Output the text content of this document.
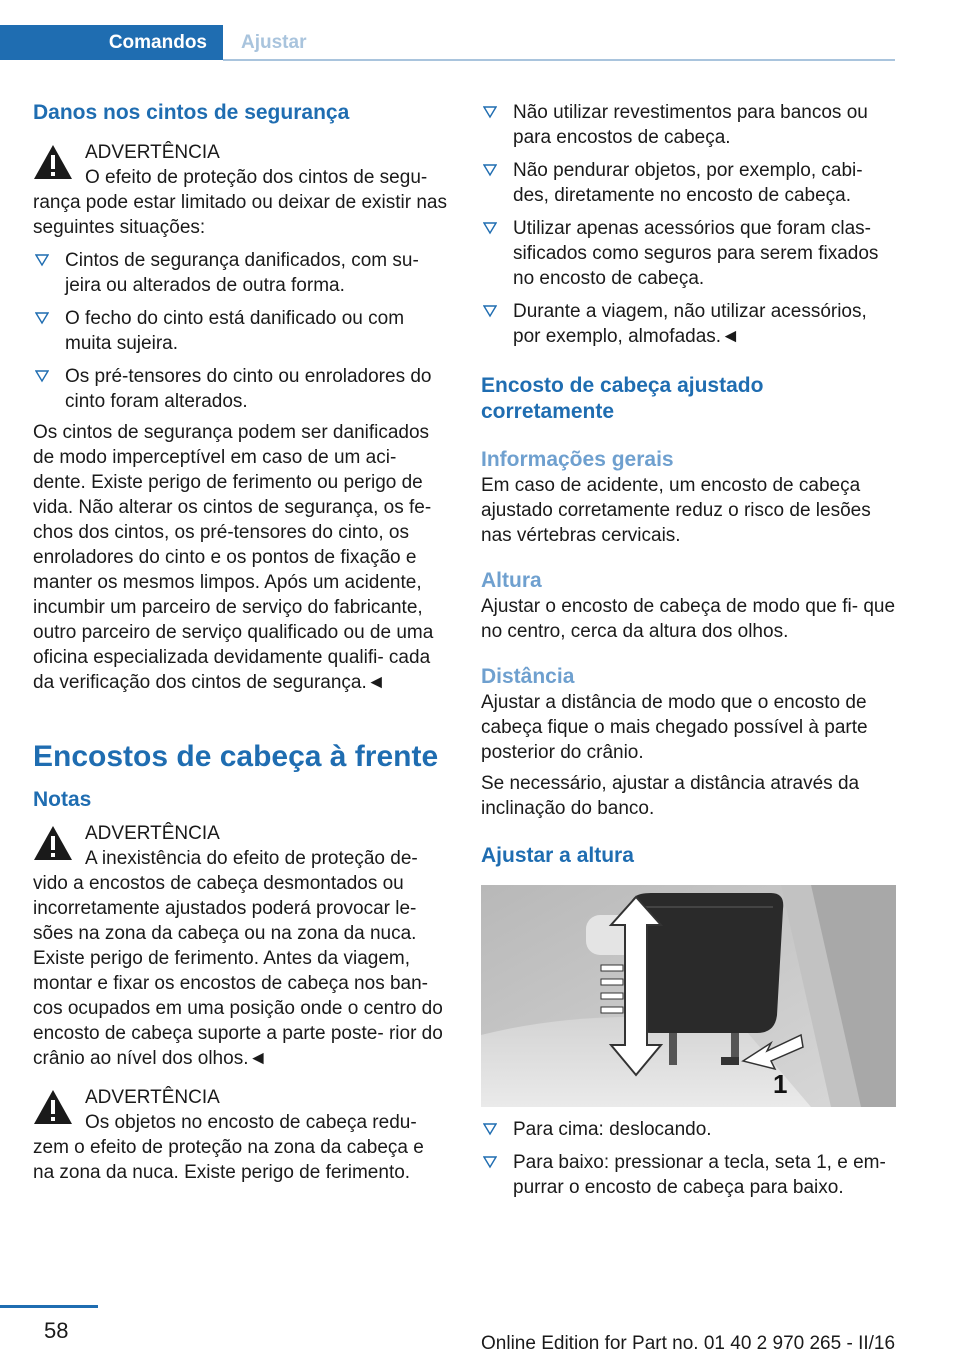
Comandos	Ajustar
Danos nos cintos de segurança
ADVERTÊNCIA
O efeito de proteção dos cintos de segu‐
rança pode estar limitado ou deixar de existir nas seguintes situações:
Cintos de segurança danificados, com su‐ jeira ou alterados de outra forma.
O fecho do cinto está danificado ou com muita sujeira.
Os pré-tensores do cinto ou enroladores do cinto foram alterados.

Os cintos de segurança podem ser danificados de modo imperceptível em caso de um aci‐ dente. Existe perigo de ferimento ou perigo de vida. Não alterar os cintos de segurança, os fe‐ chos dos cintos, os pré-tensores do cinto, os enroladores do cinto e os pontos de fixação e manter os mesmos limpos. Após um acidente, incumbir um parceiro de serviço do fabricante, outro parceiro de serviço qualificado ou de uma oficina especializada devidamente qualifi‐ cada da verificação dos cintos de segurança.◄

Encostos de cabeça à frente
Notas
ADVERTÊNCIA
A inexistência do efeito de proteção de‐
vido a encostos de cabeça desmontados ou incorretamente ajustados poderá provocar le‐ sões na zona da cabeça ou na zona da nuca. Existe perigo de ferimento. Antes da viagem, montar e fixar os encostos de cabeça nos ban‐ cos ocupados em uma posição onde o centro do encosto de cabeça suporte a parte poste‐ rior do crânio ao nível dos olhos.◄
ADVERTÊNCIA
Os objetos no encosto de cabeça redu‐
zem o efeito de proteção na zona da cabeça e na zona da nuca. Existe perigo de ferimento.
Não utilizar revestimentos para bancos ou para encostos de cabeça.
Não pendurar objetos, por exemplo, cabi‐ des, diretamente no encosto de cabeça.
Utilizar apenas acessórios que foram clas‐ sificados como seguros para serem fixados no encosto de cabeça.
Durante a viagem, não utilizar acessórios, por exemplo, almofadas.◄
Encosto de cabeça ajustado corretamente
Informações gerais

Em caso de acidente, um encosto de cabeça ajustado corretamente reduz o risco de lesões nas vértebras cervicais.

Altura

Ajustar o encosto de cabeça de modo que fi‐ que no centro, cerca da altura dos olhos.

Distância

Ajustar a distância de modo que o encosto de cabeça fique o mais chegado possível à parte posterior do crânio.

Se necessário, ajustar a distância através da inclinação do banco.

Ajustar a altura
1
Para cima: deslocando.
Para baixo: pressionar a tecla, seta 1, e em‐ purrar o encosto de cabeça para baixo.
58
Online Edition for Part no. 01 40 2 970 265 - II/16
